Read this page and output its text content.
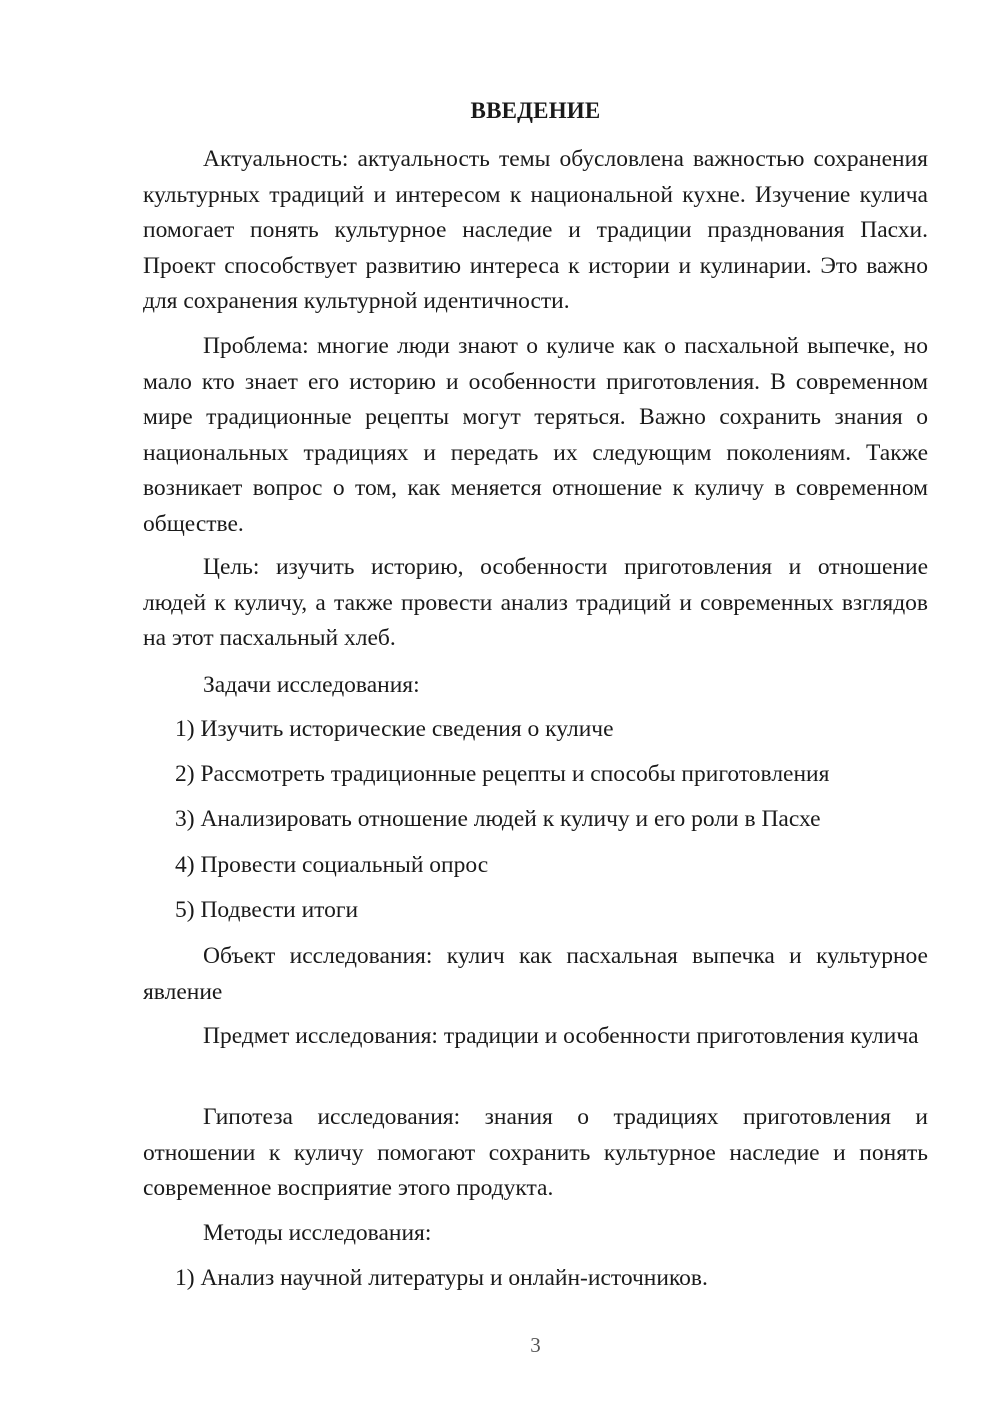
ВВЕДЕНИЕ

Актуальность: актуальность темы обусловлена важностью сохранения культурных традиций и интересом к национальной кухне. Изучение кулича помогает понять культурное наследие и традиции празднования Пасхи. Проект способствует развитию интереса к истории и кулинарии. Это важно для сохранения культурной идентичности.

Проблема: многие люди знают о куличе как о пасхальной выпечке, но мало кто знает его историю и особенности приготовления. В современном мире традиционные рецепты могут теряться. Важно сохранить знания о национальных традициях и передать их следующим поколениям. Также возникает вопрос о том, как меняется отношение к куличу в современном обществе.

Цель: изучить историю, особенности приготовления и отношение людей к куличу, а также провести анализ традиций и современных взглядов на этот пасхальный хлеб.

Задачи исследования:

1) Изучить исторические сведения о куличе

2) Рассмотреть традиционные рецепты и способы приготовления

3) Анализировать отношение людей к куличу и его роли в Пасхе

4) Провести социальный опрос

5) Подвести итоги

Объект исследования: кулич как пасхальная выпечка и культурное явление

Предмет исследования: традиции и особенности приготовления кулича

Гипотеза исследования: знания о традициях приготовления и отношении к куличу помогают сохранить культурное наследие и понять современное восприятие этого продукта.

Методы исследования:

1) Анализ научной литературы и онлайн-источников.

3
